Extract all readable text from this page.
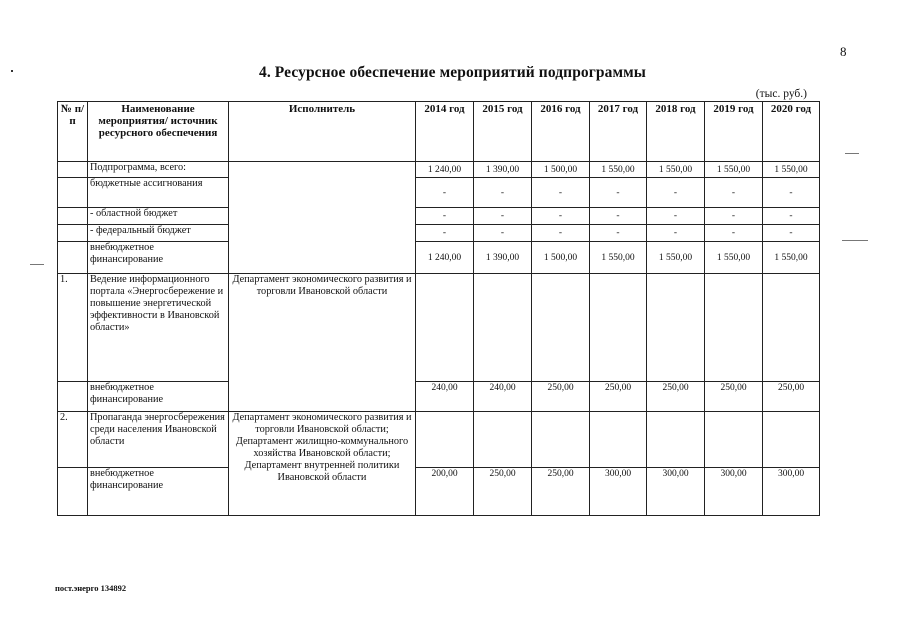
8
4. Ресурсное обеспечение мероприятий подпрограммы
(тыс. руб.)
№ п/п	Наименование мероприятия/ источник ресурсного обеспечения	Исполнитель	2014 год	2015 год	2016 год	2017 год	2018 год	2019 год	2020 год
	Подпрограмма, всего:		1 240,00	1 390,00	1 500,00	1 550,00	1 550,00	1 550,00	1 550,00
	бюджетные ассигнования		-	-	-	-	-	-	-
	- областной бюджет		-	-	-	-	-	-	-
	- федеральный бюджет		-	-	-	-	-	-	-
	внебюджетное финансирование		1 240,00	1 390,00	1 500,00	1 550,00	1 550,00	1 550,00	1 550,00
1.	Ведение информационного портала «Энергосбережение и повышение энергетической эффективности в Ивановской области»	Департамент экономического развития и торговли Ивановской области							
	внебюджетное финансирование		240,00	240,00	250,00	250,00	250,00	250,00	250,00
2.	Пропаганда энергосбережения среди населения Ивановской области	Департамент экономического развития и торговли Ивановской области; Департамент жилищно-коммунального хозяйства Ивановской области; Департамент внутренней политики Ивановской области							
	внебюджетное финансирование		200,00	250,00	250,00	300,00	300,00	300,00	300,00
пост.энерго 134892
